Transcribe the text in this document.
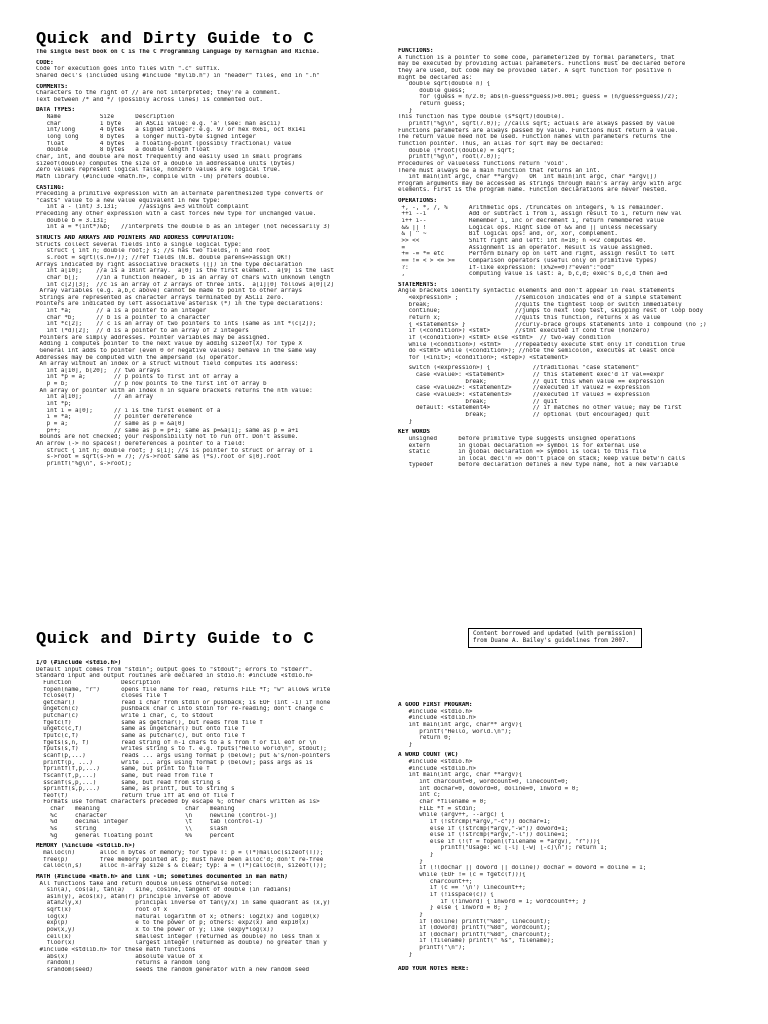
Quick and Dirty Guide to C
The single best book on C is The C Programming Language by Kernighan and Richie.
CODE:
Code for execution goes into files with ".c" suffix.
Shared decl's (included using #include "mylib.h") in "header" files, end in ".h"
COMMENTS:
Characters to the right of // are not interpreted; they're a comment.
Text between /* and */ (possibly across lines) is commented out.
DATA TYPES:
Name           Size      Description
char           1 byte    an ASCII value: e.g. 'a' (see: man ascii)
int/long       4 bytes   a signed integer: e.g. 97 or hex 0x61, oct 0x141
long long      8 bytes   a longer multi-byte signed integer
float          4 bytes   a floating-point (possibly fractional) value
double         8 bytes   a double length float
char, int, and double are most frequently and easily used in small programs
sizeof(double) computes the size of a double in addressable units (bytes)
Zero values represent logical false, nonzero values are logical true.
Math library (#include <math.h>, compile with -lm) prefers double.
CASTING:
Preceding a primitive expression with an alternate parenthesized type converts or
"casts" value to a new value equivalent in new type:
int a - (int) 3.131;      //assigns a=3 without complaint
Preceding any other expression with a cast forces new type for unchanged value.
double b = 3.131;
int a = *(int*)&b;   //interprets the double b as an integer (not necessarily 3)
STRUCTS AND ARRAYS AND POINTERS AND ADDRESS COMPUTATION:
Structs collect several fields into a single logical type:
struct { int n; double root;} s; //s has two fields, n and root
s.root = sqrt((s.n=7)); //ref fields (N.B. double parens=>assign OK!)
Arrays indicated by right associative brackets ([]) in the type declaration
int a[10];    //a is a 10int array.  a[0] is the first element.  a[9] is the last
char b[];     //in a function header, b is an array of chars with unknown length
int c[2][3];  //c is an array of 2 arrays of three ints.  a[1][0] follows a[0][2]
Array variables (e.g. a,b,c above) cannot be made to point to other arrays
Strings are represented as character arrays terminated by ASCII zero.
Pointers are indicated by left associative asterisk (*) in the type declarations:
int *a;       // a is a pointer to an integer
char *b;      // b is a pointer to a character
int *c[2];    // c is an array of two pointers to ints (same as int *(c[2]);
int (*d)[2];  // d is a pointer to an array of 2 integers
Pointers are simply addresses. Pointer variables may be assigned.
Adding 1 computes pointer to the next value by adding sizeof(X) for type X
General int adds to pointer (even 0 or negative values) behave in the same way
Addresses may be computed with the ampersand (&) operator.
An array without an index or a struct without field computes its address:
int a[10], b[20];  // two arrays
int *p = a;        // p points to first int of array a
p = b;             // p now points to the first int of array b
An array or pointer with an index n in square brackets returns the nth value:
int a[10];         // an array
int *p;
int i = a[0];      // i is the first element of a
i = *a;            // pointer dereference
p = a;             // same as p = &a[0]
p++;               // same as p = p+1; same as p=&a[1]; same as p = a+1
Bounds are not checked; your responsibility not to run off. Don't assume.
An arrow (-> no spaces!) dereferences a pointer to a field:
struct { int n; double root; } s[1]; //s is pointer to struct or array of 1
s->root = sqrt(s->n = 7); //s->root same as (*s).root or s[0].root
printf("%g\n", s->root);
FUNCTIONS:
A function is a pointer to some code, parameterized by formal parameters, that
may be executed by providing actual parameters. Functions must be declared before
they are used, but code may be provided later. A sqrt function for positive n
might be declared as:
double sqrt(double n) {
double guess;
for (guess = n/2.0; abs(n-guess*guess)>0.001; guess = (n/guess+guess)/2);
return guess;
}
This function has type double (s*sqrt)(double).
printf("%g\n", sqrt(7.0)); //calls sqrt; actuals are always passed by value
Functions parameters are always passed by value. Functions must return a value.
The return value need not be used. Function names with parameters returns the
function pointer. Thus, an alias for sqrt may be declared:
double (*root)(double) = sqrt;
printf("%g\n", root(7.0));
Procedures or valueless functions return 'void'.
There must always be a main function that returns an int.
int main(int argc, char **argv)   OR  int main(int argc, char *argv[])
Program arguments may be accessed as strings through main's array argv with argc
elements. First is the program name. Function declarations are never nested.
OPERATIONS:
+, -, *, /, %      Arithmetic ops. /truncates on integers, % is remainder.
++i --i            Add or subtract 1 from i, assign result to i, return new val
i++ i--            Remember i, inc or decrement i, return remembered value
&& || !            Logical ops. Right side of && and || unless necessary
& | ^ ~            Bit logical ops: and, or, xor, complement.
>> <<              Shift right and left: int n=10; n <<2 computes 40.
=                  Assignment is an operator. Result is value assigned.
+= -= *= etc       Perform binary op on left and right, assign result to left
== != < > <= >=    Comparison operators (useful only on primitive types)
?:                 If-like expression: (x%2==0)?"even":"odd"
,                  computing value is last: a, b,c,d; exec's b,c,d then a=d
STATEMENTS:
Angle brackets identify syntactic elements and don't appear in real statements
<expression> ;                //semicolon indicates end of a simple statement
break;                        //quits the tightest loop or switch immediately
continue;                     //jumps to next loop test, skipping rest of loop body
return x;                     //quits this function, returns x as value
{ <statements> }              //curly-brace groups statements into 1 compound (no ;)
if (<condition>) <stmt>       //stmt executed if cond true (nonzero)
if (<condition>) <stmt> else <stmt>  // two-way condition
while (<condition>) <stmt>    //repeatedly execute stmt only if condition true
do <stmt> while (<condition>); //note the semicolon, executes at least once
for (<init>; <condition>; <step>) <statement>
switch (<expression>) {            //traditional "case statement"
case <value>: <statement>        // this statement exec'd if val==expr
break;             // quit this when value == expression
case <value2>: <statement2>      //executed if value2 = expression
case <value3>: <statement3>      //executed if value3 = expression
break;             // quit
default: <statement4>            // if matches no other value; may be first
break;             // optional (but encouraged) quit
}
KEY WORDS
unsigned      before primitive type suggests unsigned operations
extern        in global declaration => symbol is for external use
static        in global declaration => symbol is local to this file
in local decl'n => don't place on stack; keep value betw'n calls
typedef       before declaration defines a new type name, not a new variable
Quick and Dirty Guide to C	Content borrowed and updated (with permission)
from Duane A. Bailey's guidelines from 2007.
I/O (#include <stdio.h>)
Default input comes from "stdin"; output goes to "stdout"; errors to "stderr".
Standard input and output routines are declared in stdio.h: #include <stdio.h>
Function              Description
fopen(name, "r")      opens file name for read, returns FILE *f; "w" allows write
fclose(f)             closes file f
getchar()             read 1 char from stdin or pushback; is EOF (int -1) if none
ungetch(c)            pushback char c into stdin for re-reading; don't change c
putchar(c)            write 1 char, c, to stdout
fgetc(f)              same as getchar(), but reads from file f
ungetc(c,f)           same as ungetchar() but onto file f
fputc(c,f)            same as putchar(c), but onto file f
fgets(s,n, f)         read string of n-1 chars to a s from f or til eof or \n
fputs(s,f)            writes string s to f. e.g. fputs("Hello world\n", stdout);
scanf(p,...)          reads ... args using format p (below); put &'s/non-pointers
printf(p, ...)        write ... args using format p (below); pass args as is
fprintf(f,p,...)      same, but print to file f
fscanf(f,p,...)       same, but read from file f
sscanf(s,p,...)       same, but read from string s
sprintf(s,p,...)      same, as printf, but to string s
feof(f)               return true iff at end of file f
Formats use format characters preceded by escape %; other chars written as is>
char   meaning                        char   meaning
%c     character                      \n     newline (control-j)
%d     decimal integer                \t     tab (control-i)
%s     string                         \\     slash
%g     general floating point         %%     percent
MEMORY (%include <stdlib.h>)
malloc(n)       alloc n bytes of memory; for type T: p = (T*)malloc(sizeof(T));
free(p)         free memory pointed at p; must have been alloc'd; don't re-free
calloc(n,s)     alloc n-array size s & clear; typ: a = (T*)calloc(n, sizeof(T));
MATH (#include <math.h> and link -lm; sometimes documented in man math)
All functions take and return double unless otherwise noted:
sin(a), cos(a), tan(a)   sine, cosine, tangent of double (in radians)
asin(y), acos(x), atan(r) principle inverse of above
atan2(y,x)               principal inverse of tan(y/x) in same quadrant as (x,y)
sqrt(x)                  root of x
log(x)                   natural logarithm of x; others: log2(x) and log10(x)
exp(p)                   e to the power of p; others: exp2(x) and exp10(x)
pow(x,y)                 x to the power of y; like (expy*log(x))
ceil(x)                  smallest integer (returned as double) no less than x
floor(x)                 largest integer (returned as double) no greater than y
#include <stdlib.h> for these math functions
abs(x)                   absolute value of x
random()                 returns a random long
srandom(seed)            seeds the random generator with a new random seed
A GOOD FIRST PROGRAM:
#include <stdio.h>
#include <stdlib.h>
int main(int argc, char** argv){
printf("Hello, world.\n");
return 0;
}
A WORD COUNT (WC)
#include <stdio.h>
#include <stdlib.h>
int main(int argc, char **argv){
int charcount=0, wordcount=0, linecount=0;
int dochar=0, doword=0, doline=0, inword = 0;
int c;
char *filename = 0;
FILE *f = stdin;
while (argv++, --argc) {
if (!strcmp(*argv,"-c")) dochar=1;
else if (!strcmp(*argv,"-w")) doword=1;
else if (!strcmp(*argv,"-l")) doline=1;
else if (!(f = fopen((filename = *argv), "r"))){
printf("Usage: wc [-l] [-w] [-c]\n"); return 1;
}
}
if (!(dochar || doword || doline)) dochar = doword = doline = 1;
while (EOF != (c = fgetc(f))){
charcount++;
if (c == '\n') linecount++;
if (!isspace(c)) {
if (!inword) { inword = 1; wordcount++; }
} else { inword = 0; }
}
if (doline) printf("%8d", linecount);
if (doword) printf("%8d", wordcount);
if (dochar) printf("%8d", charcount);
if (filename) printf(" %s", filename);
printf("\n");
}
ADD YOUR NOTES HERE:
